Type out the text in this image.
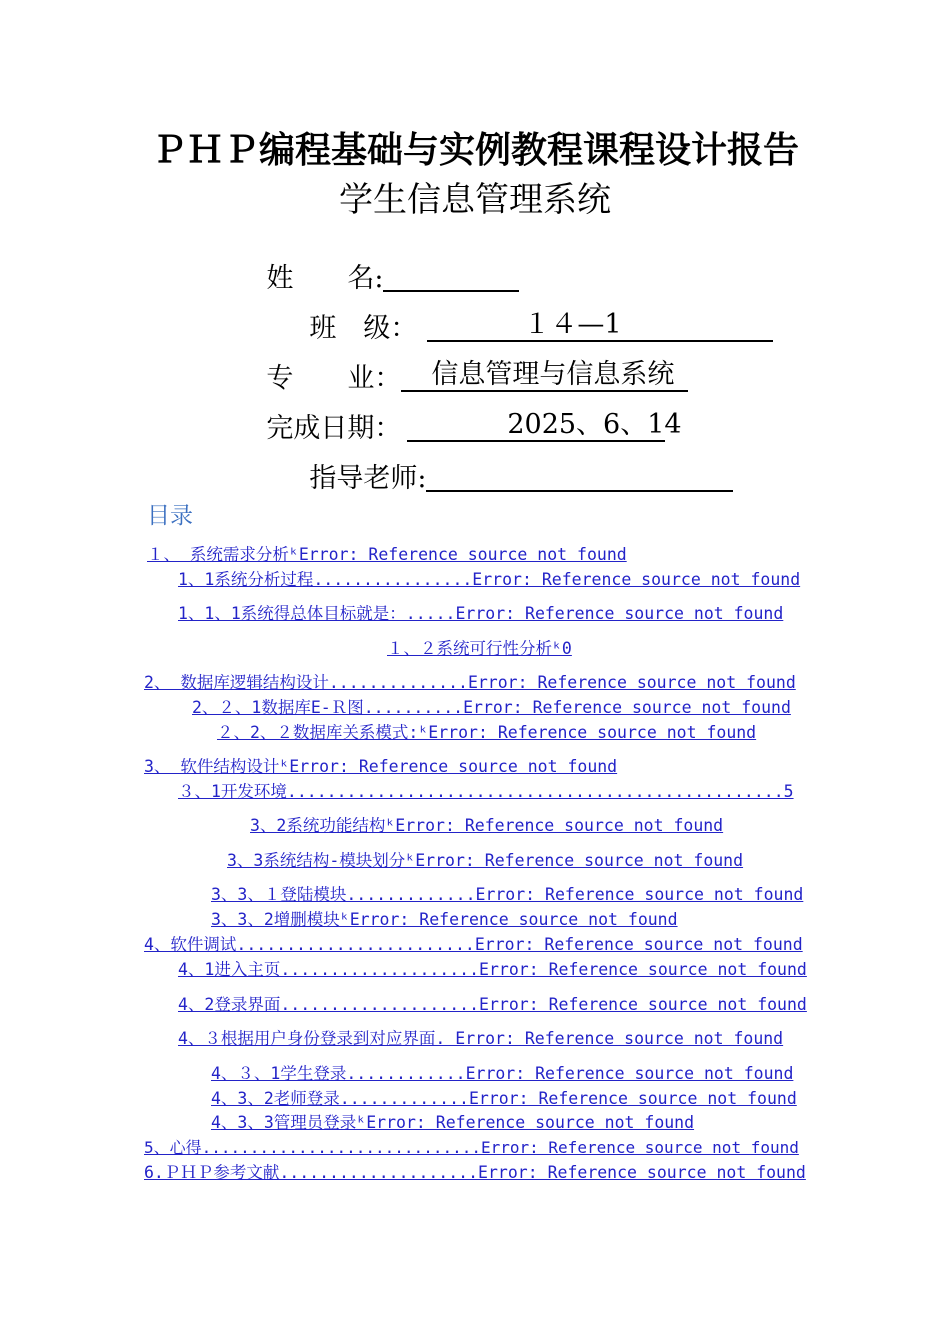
ＰＨＰ编程基础与实例教程课程设计报告
学生信息管理系统

姓　　名:

班　级：	１４—1

专　　业：	信息管理与信息系统

完成日期：	2025、6、14

指导老师:

目录
１、 系统需求分析ᵏError: Reference source not found
1、1系统分析过程................Error: Reference source not found
1、1、1系统得总体目标就是：.....Error: Reference source not found
１、２系统可行性分析ᵏ0
2、 数据库逻辑结构设计..............Error: Reference source not found
2、２、1数据库E-Ｒ图..........Error: Reference source not found
２、2、２数据库关系模式:ᵏError: Reference source not found
3、 软件结构设计ᵏError: Reference source not found
３、1开发环境..................................................5
3、2系统功能结构ᵏError: Reference source not found
3、3系统结构-模块划分ᵏError: Reference source not found
3、3、１登陆模块.............Error: Reference source not found
3、3、2增删模块ᵏError: Reference source not found
4、软件调试........................Error: Reference source not found
4、1进入主页....................Error: Reference source not found
4、2登录界面....................Error: Reference source not found
4、３根据用户身份登录到对应界面. Error: Reference source not found
4、３、1学生登录............Error: Reference source not found
4、3、2老师登录.............Error: Reference source not found
4、3、3管理员登录ᵏError: Reference source not found
5、心得.............................Error: Reference source not found
6.ＰＨＰ参考文献....................Error: Reference source not found
